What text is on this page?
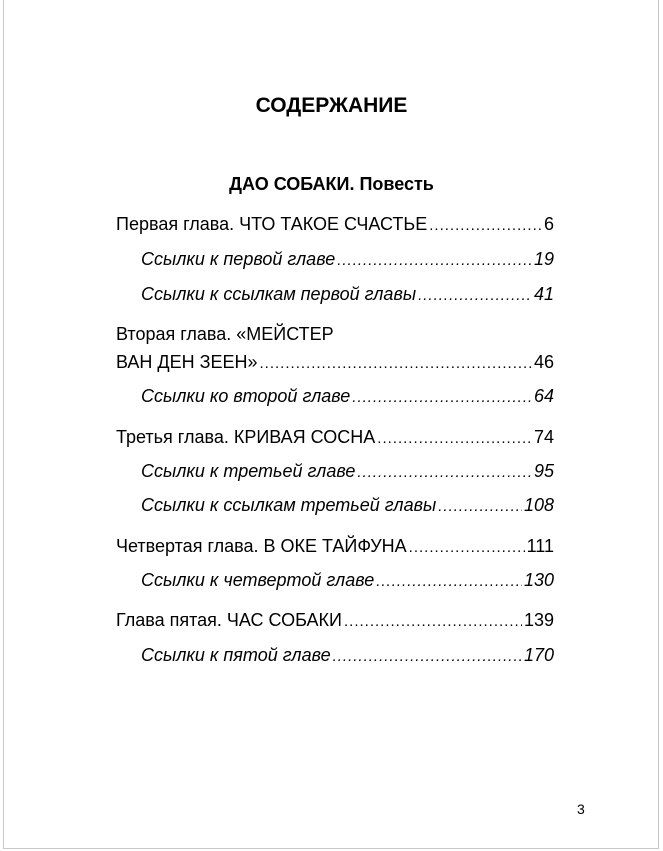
СОДЕРЖАНИЕ
ДАО СОБАКИ. Повесть
Первая глава. ЧТО ТАКОЕ СЧАСТЬЕ .....	6
Ссылки к первой главе .....	19
Ссылки к ссылкам первой главы .....	41
Вторая глава. «МЕЙСТЕР
ВАН ДЕН ЗЕЕН» .....	46
Ссылки ко второй главе .....	64
Третья глава. КРИВАЯ СОСНА .....	74
Ссылки к третьей главе .....	95
Ссылки к ссылкам третьей главы .....	108
Четвертая глава. В ОКЕ ТАЙФУНА .....	111
Ссылки к четвертой главе .....	130
Глава пятая. ЧАС СОБАКИ .....	139
Ссылки к пятой главе .....	170
3
